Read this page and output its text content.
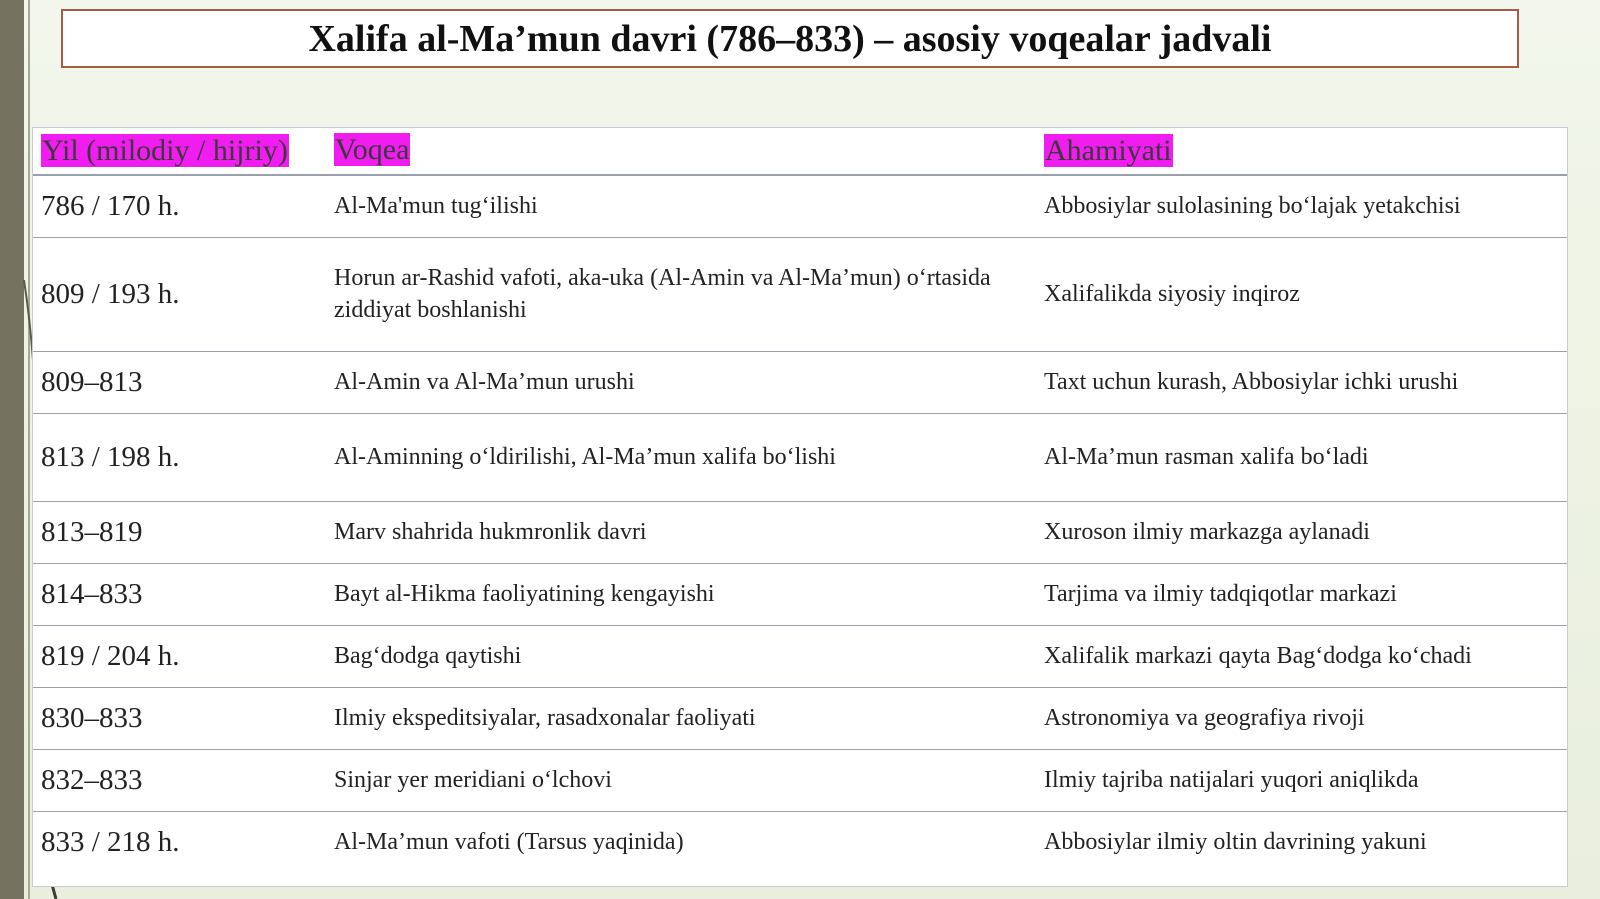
Xalifa al-Ma’mun davri (786–833) – asosiy voqealar jadvali
Yil (milodiy / hijriy)	Voqea	Ahamiyati
786 / 170 h.	Al-Ma'mun tug‘ilishi	Abbosiylar sulolasining bo‘lajak yetakchisi
809 / 193 h.	Horun ar-Rashid vafoti, aka-uka (Al-Amin va Al-Ma’mun) o‘rtasida ziddiyat boshlanishi	Xalifalikda siyosiy inqiroz
809–813	Al-Amin va Al-Ma’mun urushi	Taxt uchun kurash, Abbosiylar ichki urushi
813 / 198 h.	Al-Aminning o‘ldirilishi, Al-Ma’mun xalifa bo‘lishi	Al-Ma’mun rasman xalifa bo‘ladi
813–819	Marv shahrida hukmronlik davri	Xuroson ilmiy markazga aylanadi
814–833	Bayt al-Hikma faoliyatining kengayishi	Tarjima va ilmiy tadqiqotlar markazi
819 / 204 h.	Bag‘dodga qaytishi	Xalifalik markazi qayta Bag‘dodga ko‘chadi
830–833	Ilmiy ekspeditsiyalar, rasadxonalar faoliyati	Astronomiya va geografiya rivoji
832–833	Sinjar yer meridiani o‘lchovi	Ilmiy tajriba natijalari yuqori aniqlikda
833 / 218 h.	Al-Ma’mun vafoti (Tarsus yaqinida)	Abbosiylar ilmiy oltin davrining yakuni
